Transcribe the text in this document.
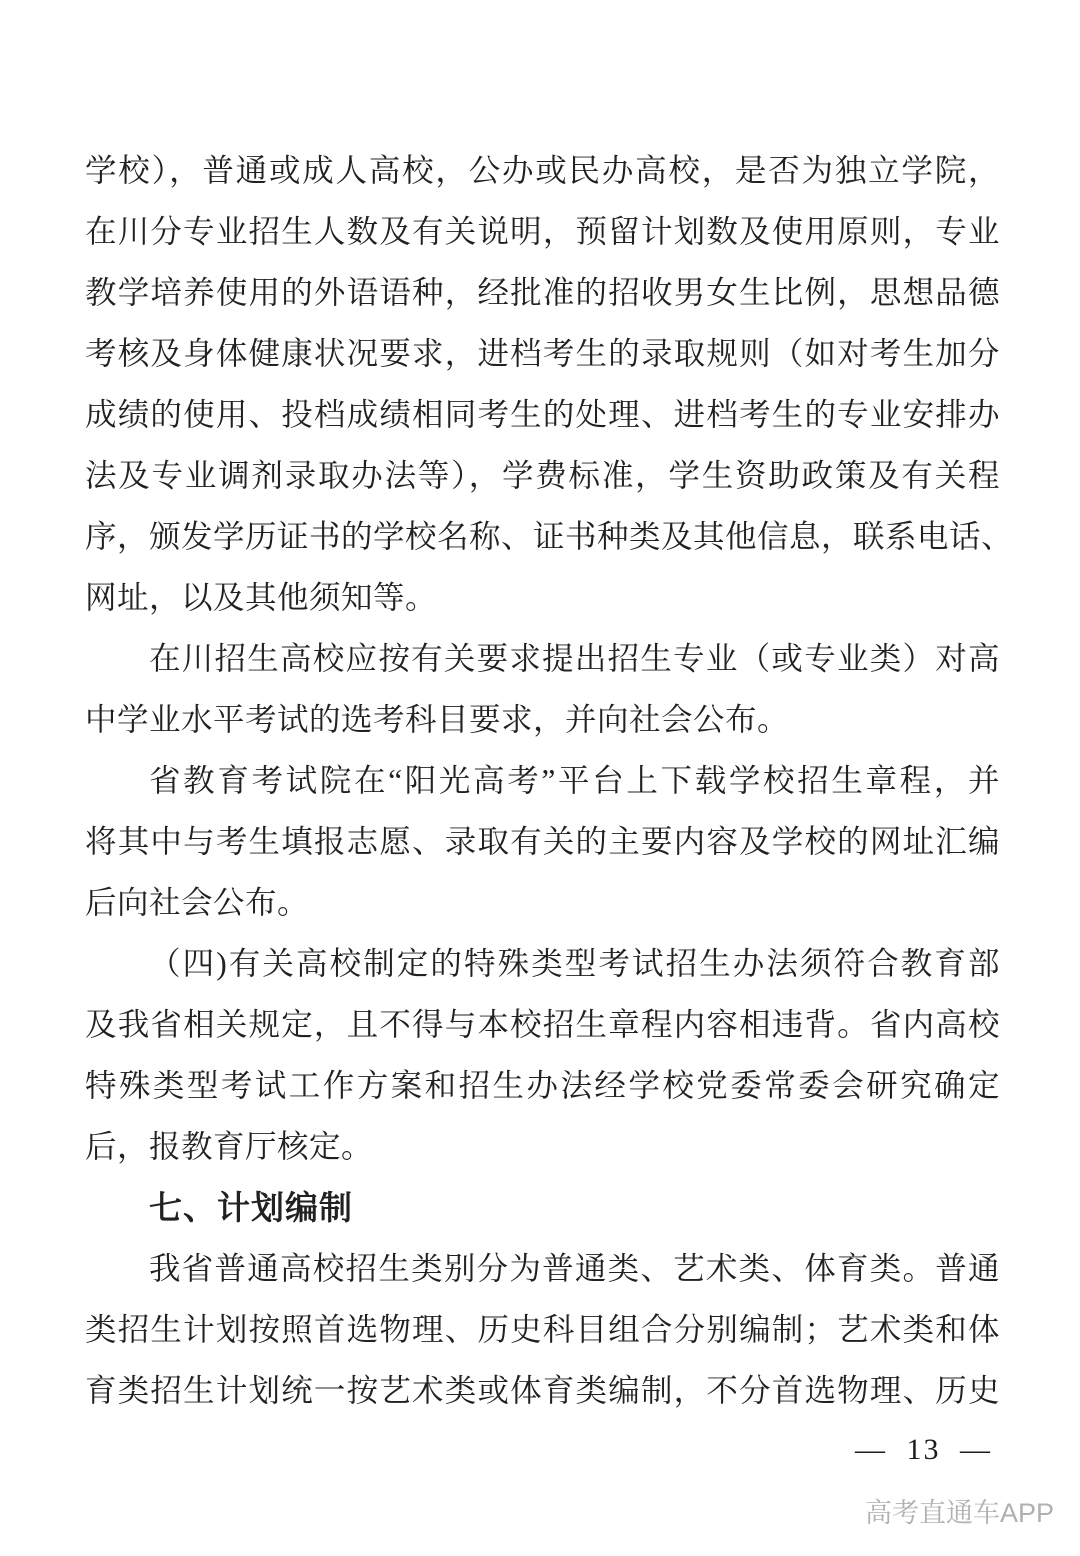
学校），普通或成人高校，公办或民办高校，是否为独立学院，
在川分专业招生人数及有关说明，预留计划数及使用原则，专业
教学培养使用的外语语种，经批准的招收男女生比例，思想品德
考核及身体健康状况要求，进档考生的录取规则（如对考生加分
成绩的使用、投档成绩相同考生的处理、进档考生的专业安排办
法及专业调剂录取办法等），学费标准，学生资助政策及有关程
序，颁发学历证书的学校名称、证书种类及其他信息，联系电话、
网址，以及其他须知等。
在川招生高校应按有关要求提出招生专业（或专业类）对高
中学业水平考试的选考科目要求，并向社会公布。
省教育考试院在“阳光高考”平台上下载学校招生章程，并
将其中与考生填报志愿、录取有关的主要内容及学校的网址汇编
后向社会公布。
（四)有关高校制定的特殊类型考试招生办法须符合教育部
及我省相关规定，且不得与本校招生章程内容相违背。省内高校
特殊类型考试工作方案和招生办法经学校党委常委会研究确定
后，报教育厅核定。
七、计划编制
我省普通高校招生类别分为普通类、艺术类、体育类。普通
类招生计划按照首选物理、历史科目组合分别编制；艺术类和体
育类招生计划统一按艺术类或体育类编制，不分首选物理、历史
— 13 —
高考直通车APP
